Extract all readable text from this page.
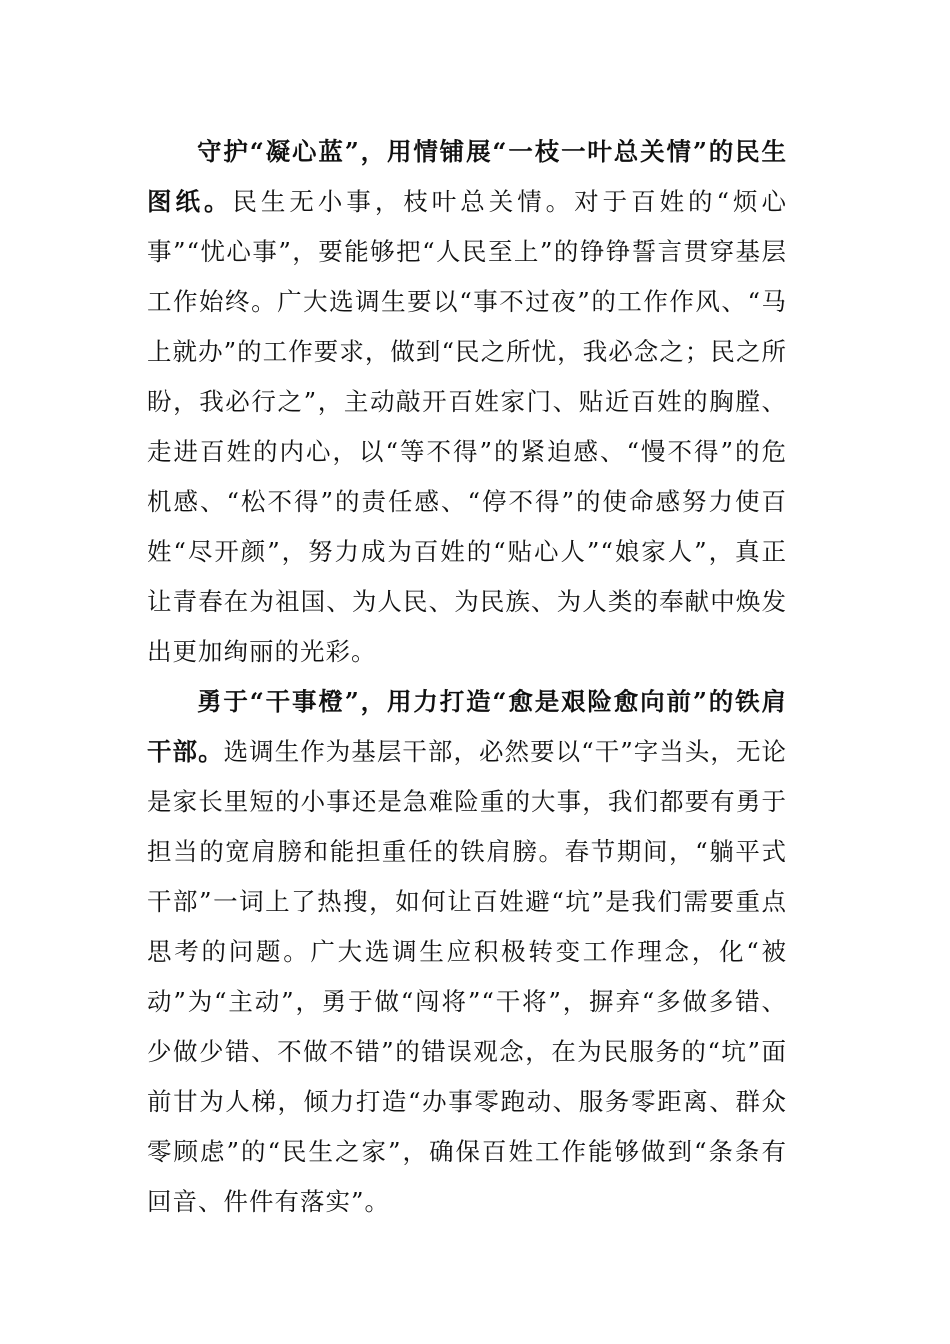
守护“凝心蓝”，用情铺展“一枝一叶总关情”的民生图纸。民生无小事，枝叶总关情。对于百姓的“烦心事”“忧心事”，要能够把“人民至上”的铮铮誓言贯穿基层工作始终。广大选调生要以“事不过夜”的工作作风、“马上就办”的工作要求，做到“民之所忧，我必念之；民之所盼，我必行之”，主动敲开百姓家门、贴近百姓的胸膛、走进百姓的内心，以“等不得”的紧迫感、“慢不得”的危机感、“松不得”的责任感、“停不得”的使命感努力使百姓“尽开颜”，努力成为百姓的“贴心人”“娘家人”，真正让青春在为祖国、为人民、为民族、为人类的奉献中焕发出更加绚丽的光彩。

勇于“干事橙”，用力打造“愈是艰险愈向前”的铁肩干部。选调生作为基层干部，必然要以“干”字当头，无论是家长里短的小事还是急难险重的大事，我们都要有勇于担当的宽肩膀和能担重任的铁肩膀。春节期间，“躺平式干部”一词上了热搜，如何让百姓避“坑”是我们需要重点思考的问题。广大选调生应积极转变工作理念，化“被动”为“主动”，勇于做“闯将”“干将”，摒弃“多做多错、少做少错、不做不错”的错误观念，在为民服务的“坑”面前甘为人梯，倾力打造“办事零跑动、服务零距离、群众零顾虑”的“民生之家”，确保百姓工作能够做到“条条有回音、件件有落实”。
